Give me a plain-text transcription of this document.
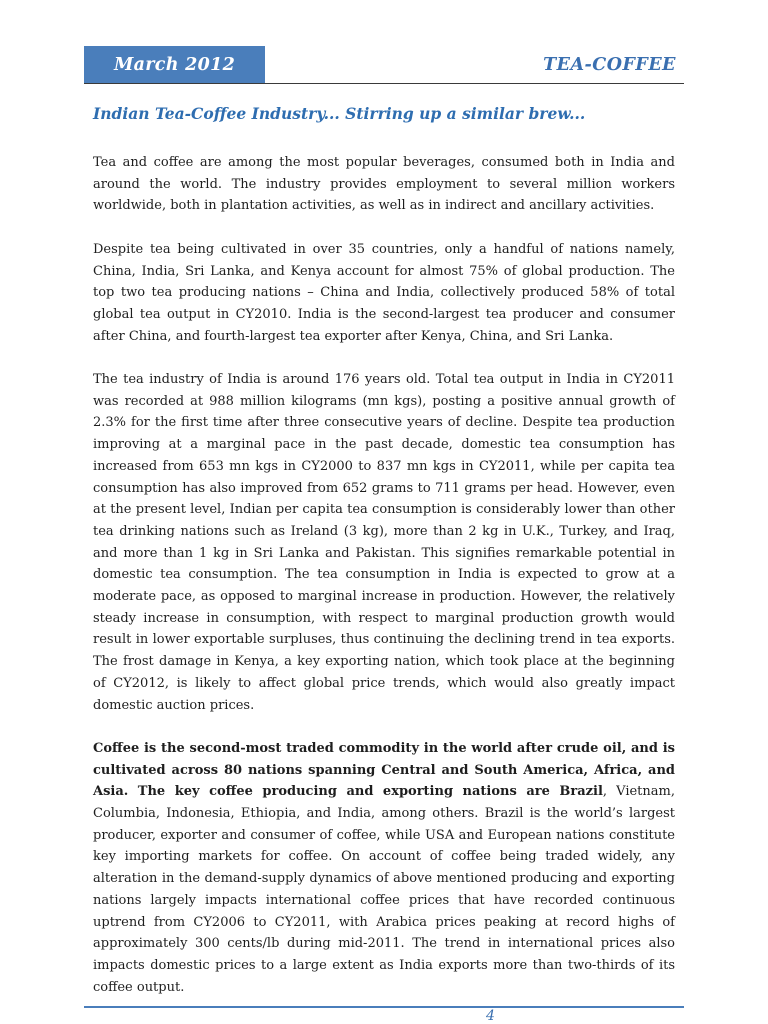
March 2012	TEA-COFFEE
Indian Tea-Coffee Industry... Stirring up a similar brew...

Tea and coffee are among the most popular beverages, consumed both in India and around the world. The industry provides employment to several million workers worldwide, both in plantation activities, as well as in indirect and ancillary activities.

Despite tea being cultivated in over 35 countries, only a handful of nations namely, China, India, Sri Lanka, and Kenya account for almost 75% of global production. The top two tea producing nations – China and India, collectively produced 58% of total global tea output in CY2010. India is the second-largest tea producer and consumer after China, and fourth-largest tea exporter after Kenya, China, and Sri Lanka.

The tea industry of India is around 176 years old. Total tea output in India in CY2011 was recorded at 988 million kilograms (mn kgs), posting a positive annual growth of 2.3% for the first time after three consecutive years of decline. Despite tea production improving at a marginal pace in the past decade, domestic tea consumption has increased from 653 mn kgs in CY2000 to 837 mn kgs in CY2011, while per capita tea consumption has also improved from 652 grams to 711 grams per head. However, even at the present level, Indian per capita tea consumption is considerably lower than other tea drinking nations such as Ireland (3 kg), more than 2 kg in U.K., Turkey, and Iraq, and more than 1 kg in Sri Lanka and Pakistan. This signifies remarkable potential in domestic tea consumption. The tea consumption in India is expected to grow at a moderate pace, as opposed to marginal increase in production. However, the relatively steady increase in consumption, with respect to marginal production growth would result in lower exportable surpluses, thus continuing the declining trend in tea exports. The frost damage in Kenya, a key exporting nation, which took place at the beginning of CY2012, is likely to affect global price trends, which would also greatly impact domestic auction prices.

Coffee is the second-most traded commodity in the world after crude oil, and is cultivated across 80 nations spanning Central and South America, Africa, and Asia. The key coffee producing and exporting nations are Brazil, Vietnam, Columbia, Indonesia, Ethiopia, and India, among others. Brazil is the world’s largest producer, exporter and consumer of coffee, while USA and European nations constitute key importing markets for coffee. On account of coffee being traded widely, any alteration in the demand-supply dynamics of above mentioned producing and exporting nations largely impacts international coffee prices that have recorded continuous uptrend from CY2006 to CY2011, with Arabica prices peaking at record highs of approximately 300 cents/lb during mid-2011. The trend in international prices also impacts domestic prices to a large extent as India exports more than two-thirds of its coffee output.

4
